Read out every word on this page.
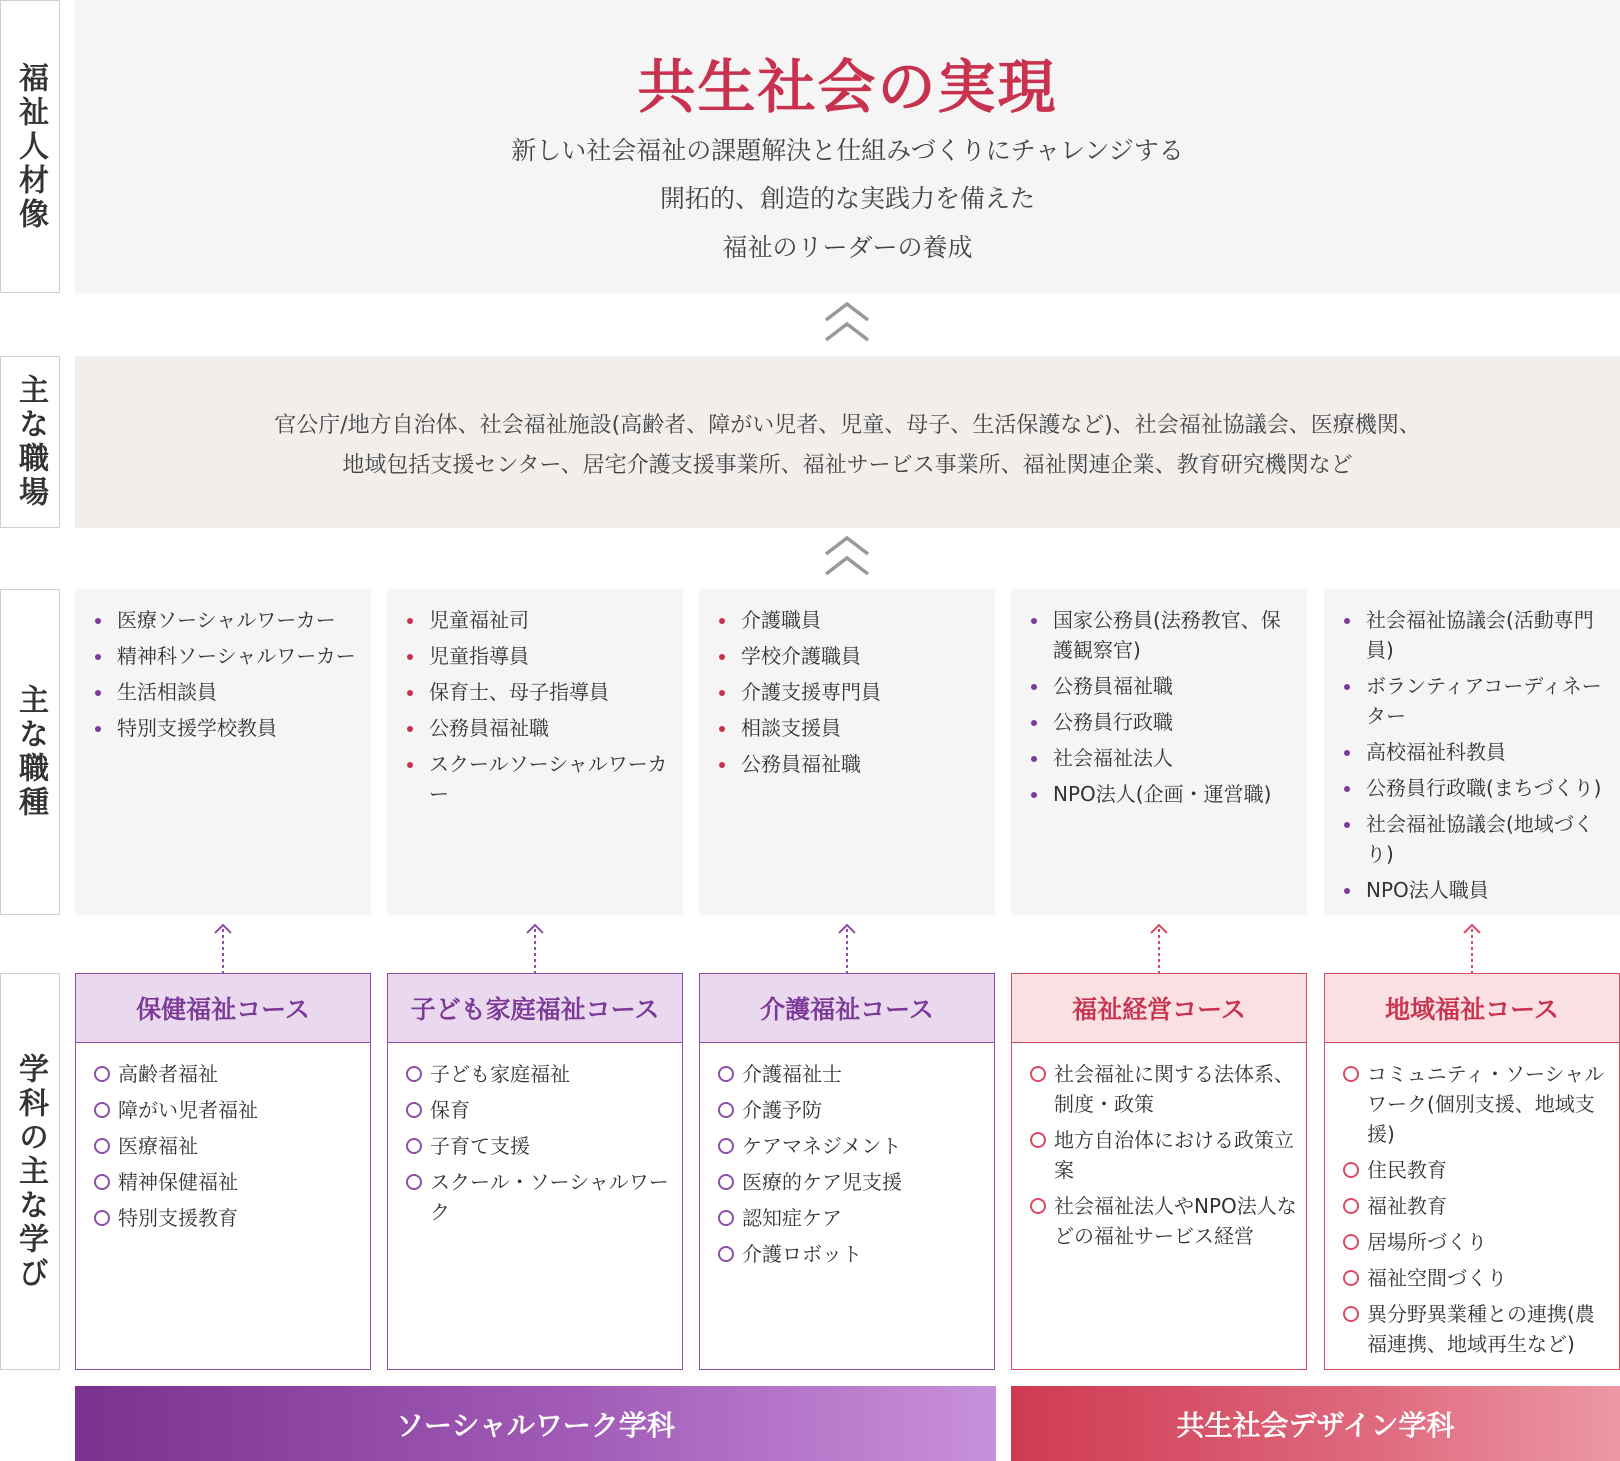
福祉人材像
主な職場
主な職種
学科の主な学び
共生社会の実現
新しい社会福祉の課題解決と仕組みづくりにチャレンジする
開拓的、創造的な実践力を備えた
福祉のリーダーの養成
官公庁/地方自治体、社会福祉施設(高齢者、障がい児者、児童、母子、生活保護など)、社会福祉協議会、医療機関、
地域包括支援センター、居宅介護支援事業所、福祉サービス事業所、福祉関連企業、教育研究機関など
医療ソーシャルワーカー
精神科ソーシャルワーカー
生活相談員
特別支援学校教員
児童福祉司
児童指導員
保育士、母子指導員
公務員福祉職
スクールソーシャルワーカー
介護職員
学校介護職員
介護支援専門員
相談支援員
公務員福祉職
国家公務員(法務教官、保護観察官)
公務員福祉職
公務員行政職
社会福祉法人
NPO法人(企画・運営職)
社会福祉協議会(活動専門員)
ボランティアコーディネーター
高校福祉科教員
公務員行政職(まちづくり)
社会福祉協議会(地域づくり)
NPO法人職員
保健福祉コース
高齢者福祉
障がい児者福祉
医療福祉
精神保健福祉
特別支援教育
子ども家庭福祉コース
子ども家庭福祉
保育
子育て支援
スクール・ソーシャルワーク
介護福祉コース
介護福祉士
介護予防
ケアマネジメント
医療的ケア児支援
認知症ケア
介護ロボット
福祉経営コース
社会福祉に関する法体系、制度・政策
地方自治体における政策立案
社会福祉法人やNPO法人などの福祉サービス経営
地域福祉コース
コミュニティ・ソーシャルワーク(個別支援、地域支援)
住民教育
福祉教育
居場所づくり
福祉空間づくり
異分野異業種との連携(農福連携、地域再生など)
ソーシャルワーク学科	共生社会デザイン学科
